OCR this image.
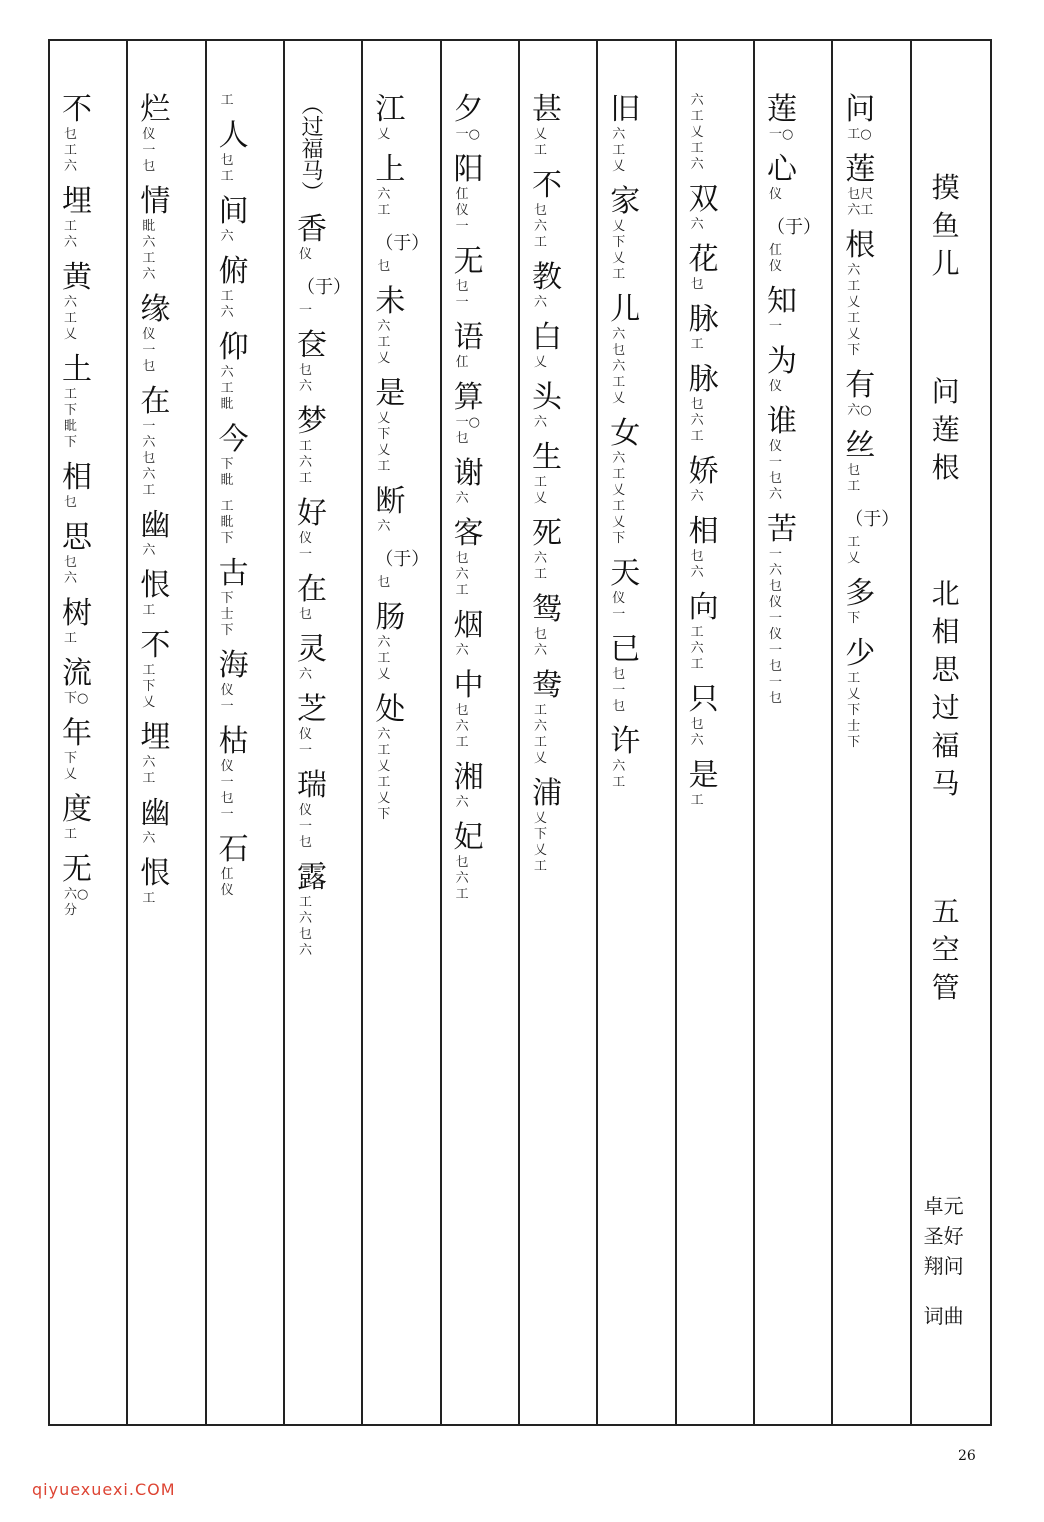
不
乜
工
六
埋
工
六
黄
六
工
乂
土
工
下
䀝
下
相
乜
思
乜
六
树
工
流
下○
年
下
乂
度
工
无
六○
分
烂
仪
一
乜
情
䀝
六
工
六
缘
仪
一
乜
在
一
六
乜
六
工
幽
六
恨
工
不
工
下
乂
埋
六
工
幽
六
恨
工
工
人
乜
工
间
六
俯
工
六
仰
六
工
䀝
今
下
䀝
工
䀝
下
古
下
士
下
海
仪
一
枯
仪
一
乜
一
石
仜
仪
（过福马）
香
仪
（于）
一
奁
乜
六
梦
工
六
工
好
仪
一
在
乜
灵
六
芝
仪
一
瑞
仪
一
乜
露
工
六
乜
六
江
乂
上
六
工
（于）
乜
未
六
工
乂
是
乂
下
乂
工
断
六
（于）
乜
肠
六
工
乂
处
六
工
乂
工
乂
下
夕
一○
阳
仜
仪
一
无
乜
一
语
仜
算
一○
乜
谢
六
客
乜
六
工
烟
六
中
乜
六
工
湘
六
妃
乜
六
工
甚
乂
工
不
乜
六
工
教
六
白
乂
头
六
生
工
乂
死
六
工
鸳
乜
六
鸯
工
六
工
乂
浦
乂
下
乂
工
旧
六
工
乂
家
乂
下
乂
工
儿
六
乜
六
工
乂
女
六
工
乂
工
乂
下
天
仪
一
已
乜
一
乜
许
六
工
六
工
乂
工
六
双
六
花
乜
脉
工
脉
乜
六
工
娇
六
相
乜
六
向
工
六
工
只
乜
六
是
工
莲
一○
心
仪
（于）
仜
仪
知
一
为
仪
谁
仪
一
乜
六
苦
一
六
乜
仪
一
仪
一
乜
一
乜
问
工○
莲
乜尺
六工
根
六
工
乂
工
乂
下
有
六○
丝
乜
工
（于）
工
乂
多
下
少
工
乂
下
士
下
摸
鱼
儿
问
莲
根
北
相
思
过
福
马
五
空
管
卓元
圣好
翔问
词曲
26
qiyuexuexi.COM
